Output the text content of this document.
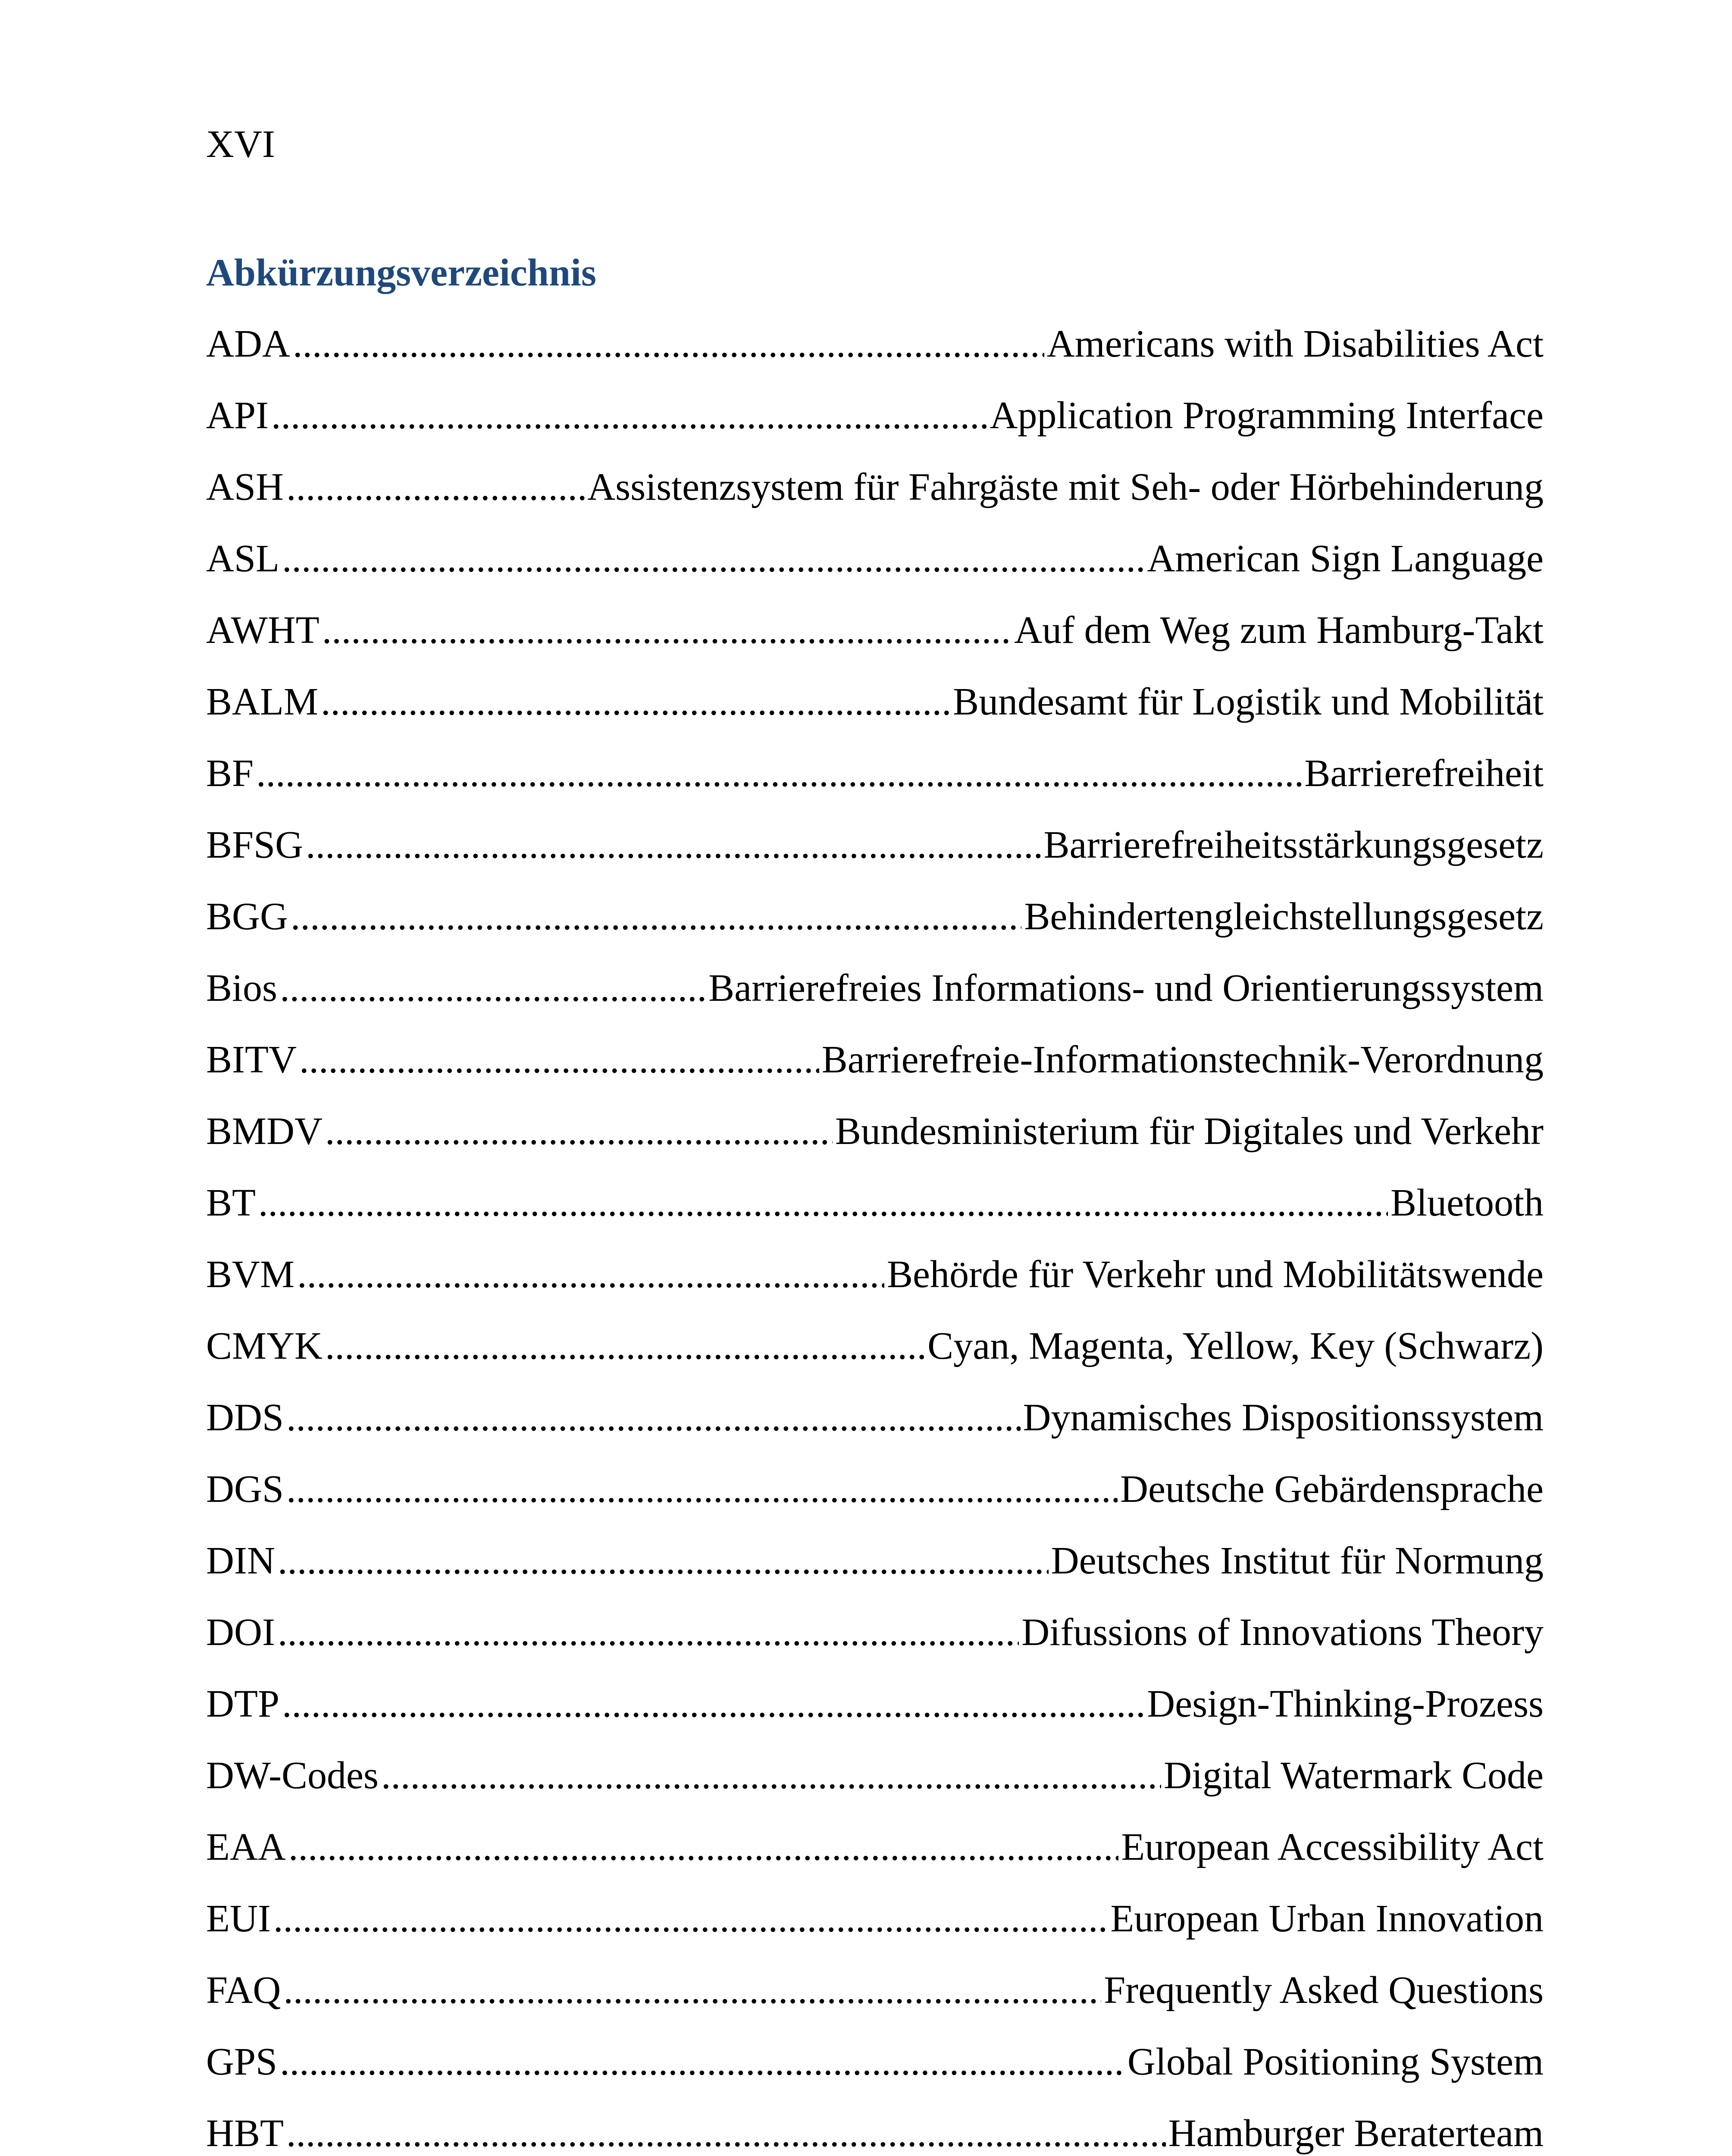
XVI
Abkürzungsverzeichnis
ADA .....	Americans with Disabilities Act
API .....	Application Programming Interface
ASH .....	Assistenzsystem für Fahrgäste mit Seh- oder Hörbehinderung
ASL .....	American Sign Language
AWHT .....	Auf dem Weg zum Hamburg-Takt
BALM .....	Bundesamt für Logistik und Mobilität
BF .....	Barrierefreiheit
BFSG .....	Barrierefreiheitsstärkungsgesetz
BGG .....	Behindertengleichstellungsgesetz
Bios .....	Barrierefreies Informations- und Orientierungssystem
BITV .....	Barrierefreie-Informationstechnik-Verordnung
BMDV .....	Bundesministerium für Digitales und Verkehr
BT .....	Bluetooth
BVM .....	Behörde für Verkehr und Mobilitätswende
CMYK .....	Cyan, Magenta, Yellow, Key (Schwarz)
DDS .....	Dynamisches Dispositionssystem
DGS .....	Deutsche Gebärdensprache
DIN .....	Deutsches Institut für Normung
DOI .....	Difussions of Innovations Theory
DTP .....	Design-Thinking-Prozess
DW-Codes .....	Digital Watermark Code
EAA .....	European Accessibility Act
EUI .....	European Urban Innovation
FAQ .....	Frequently Asked Questions
GPS .....	Global Positioning System
HBT .....	Hamburger Beraterteam
